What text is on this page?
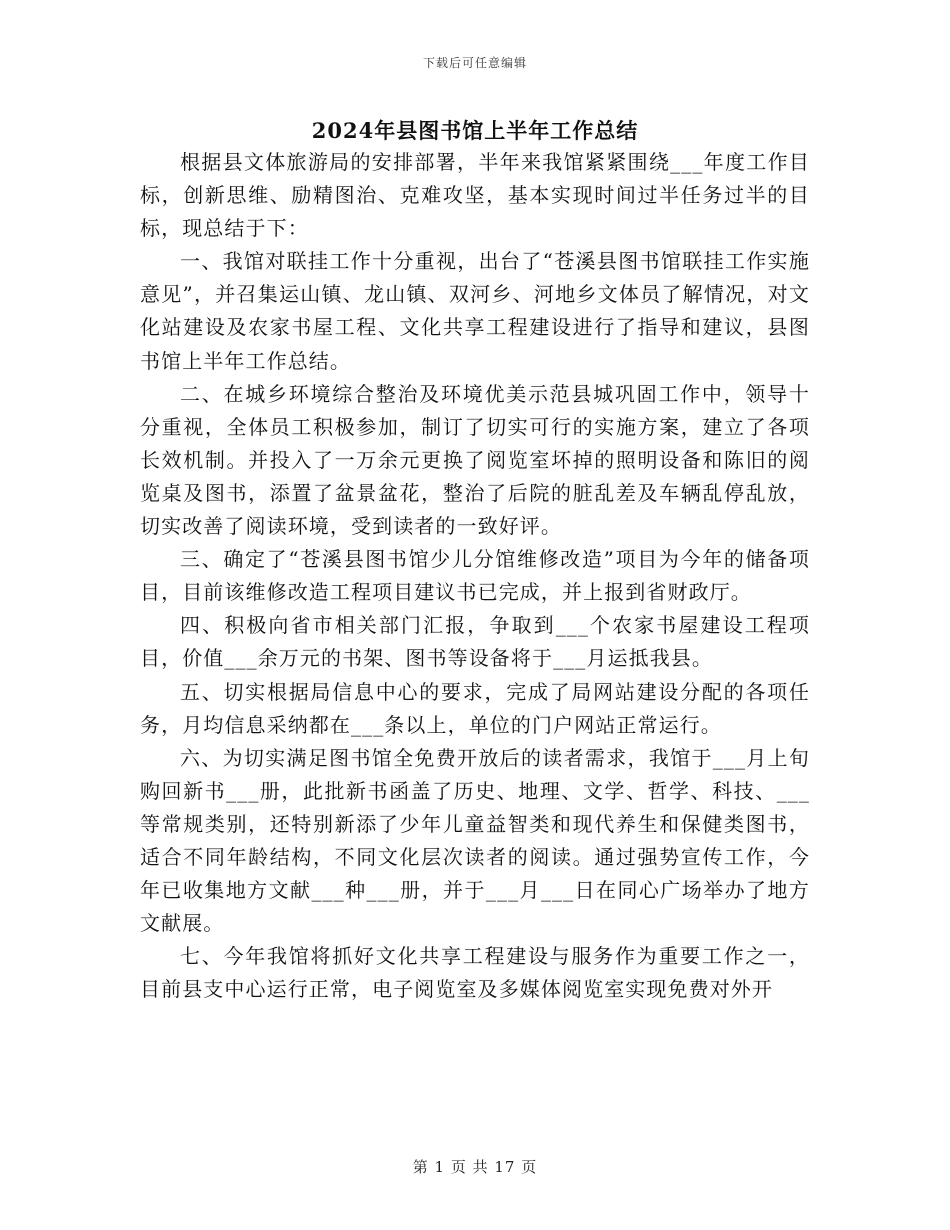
下载后可任意编辑
2024年县图书馆上半年工作总结

根据县文体旅游局的安排部署，半年来我馆紧紧围绕___年度工作目标，创新思维、励精图治、克难攻坚，基本实现时间过半任务过半的目标，现总结于下：

一、我馆对联挂工作十分重视，出台了“苍溪县图书馆联挂工作实施意见”，并召集运山镇、龙山镇、双河乡、河地乡文体员了解情况，对文化站建设及农家书屋工程、文化共享工程建设进行了指导和建议，县图书馆上半年工作总结。

二、在城乡环境综合整治及环境优美示范县城巩固工作中，领导十分重视，全体员工积极参加，制订了切实可行的实施方案，建立了各项长效机制。并投入了一万余元更换了阅览室坏掉的照明设备和陈旧的阅览桌及图书，添置了盆景盆花，整治了后院的脏乱差及车辆乱停乱放，切实改善了阅读环境，受到读者的一致好评。

三、确定了“苍溪县图书馆少儿分馆维修改造”项目为今年的储备项目，目前该维修改造工程项目建议书已完成，并上报到省财政厅。

四、积极向省市相关部门汇报，争取到___个农家书屋建设工程项目，价值___余万元的书架、图书等设备将于___月运抵我县。

五、切实根据局信息中心的要求，完成了局网站建设分配的各项任务，月均信息采纳都在___条以上，单位的门户网站正常运行。

六、为切实满足图书馆全免费开放后的读者需求，我馆于___月上旬购回新书___册，此批新书函盖了历史、地理、文学、哲学、科技、___等常规类别，还特别新添了少年儿童益智类和现代养生和保健类图书，适合不同年龄结构，不同文化层次读者的阅读。通过强势宣传工作，今年已收集地方文献___种___册，并于___月___日在同心广场举办了地方文献展。

七、今年我馆将抓好文化共享工程建设与服务作为重要工作之一，目前县支中心运行正常，电子阅览室及多媒体阅览室实现免费对外开

第 1 页 共 17 页
